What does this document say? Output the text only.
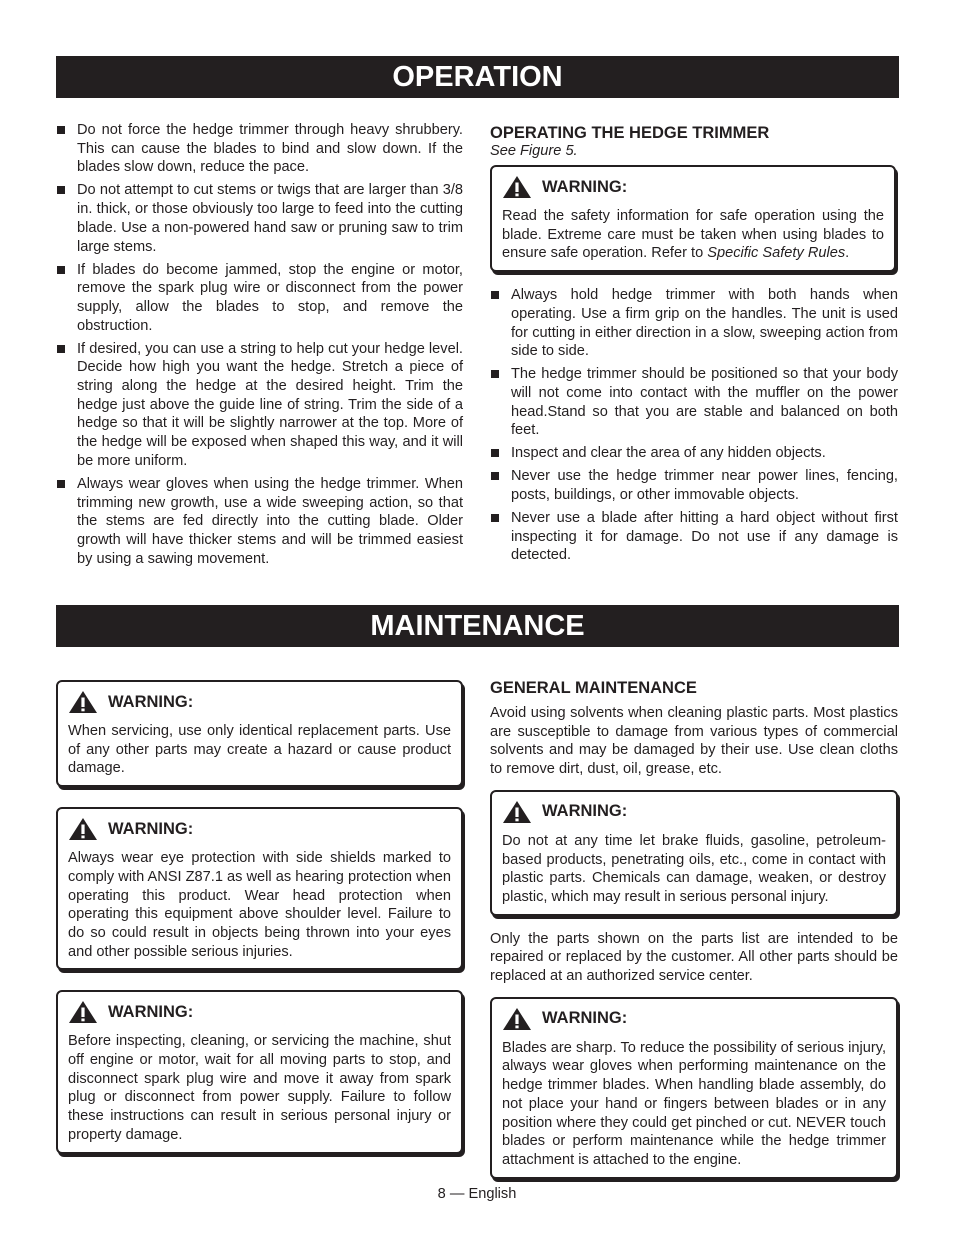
OPERATION
Do not force the hedge trimmer through heavy shrubbery. This can cause the blades to bind and slow down. If the blades slow down, reduce the pace.
Do not attempt to cut stems or twigs that are larger than 3/8 in. thick, or those obviously too large to feed into the cutting blade. Use a non-powered hand saw or pruning saw to trim large stems.
If blades do become jammed, stop the engine or motor, remove the spark plug wire or disconnect from the power supply, allow the blades to stop, and remove the obstruction.
If desired, you can use a string to help cut your hedge level. Decide how high you want the hedge. Stretch a piece of string along the hedge at the desired height. Trim the hedge just above the guide line of string. Trim the side of a hedge so that it will be slightly narrower at the top. More of the hedge will be exposed when shaped this way, and it will be more uniform.
Always wear gloves when using the hedge trimmer. When trimming new growth, use a wide sweeping action, so that the stems are fed directly into the cutting blade. Older growth will have thicker stems and will be trimmed easiest by using a sawing movement.
OPERATING THE HEDGE TRIMMER

See Figure 5.

WARNING:
Read the safety information for safe operation using the blade. Extreme care must be taken when using blades to ensure safe operation. Refer to Specific Safety Rules.
Always hold hedge trimmer with both hands when operating. Use a firm grip on the handles. The unit is used for cutting in either direction in a slow, sweeping action from side to side.
The hedge trimmer should be positioned so that your body will not come into contact with the muffler on the power head.Stand so that you are stable and balanced on both feet.
Inspect and clear the area of any hidden objects.
Never use the hedge trimmer near power lines, fencing, posts, buildings, or other immovable objects.
Never use a blade after hitting a hard object without first inspecting it for damage. Do not use if any damage is detected.
MAINTENANCE
WARNING:
When servicing, use only identical replacement parts. Use of any other parts may create a hazard or cause product damage.
WARNING:
Always wear eye protection with side shields marked to comply with ANSI Z87.1 as well as hearing protection when operating this product. Wear head protection when operating this equipment above shoulder level. Failure to do so could result in objects being thrown into your eyes and other possible serious injuries.
WARNING:
Before inspecting, cleaning, or servicing the machine, shut off engine or motor, wait for all moving parts to stop, and disconnect spark plug wire and move it away from spark plug or disconnect from power supply. Failure to follow these instructions can result in serious personal injury or property damage.
GENERAL MAINTENANCE

Avoid using solvents when cleaning plastic parts. Most plastics are susceptible to damage from various types of commercial solvents and may be damaged by their use. Use clean cloths to remove dirt, dust, oil, grease, etc.

WARNING:
Do not at any time let brake fluids, gasoline, petroleum-based products, penetrating oils, etc., come in contact with plastic parts. Chemicals can damage, weaken, or destroy plastic, which may result in serious personal injury.

Only the parts shown on the parts list are intended to be repaired or replaced by the customer. All other parts should be replaced at an authorized service center.

WARNING:
Blades are sharp. To reduce the possibility of serious injury, always wear gloves when performing maintenance on the hedge trimmer blades. When handling blade assembly, do not place your hand or fingers between blades or in any position where they could get pinched or cut. NEVER touch blades or perform maintenance while the hedge trimmer attachment is attached to the engine.
8 — English
